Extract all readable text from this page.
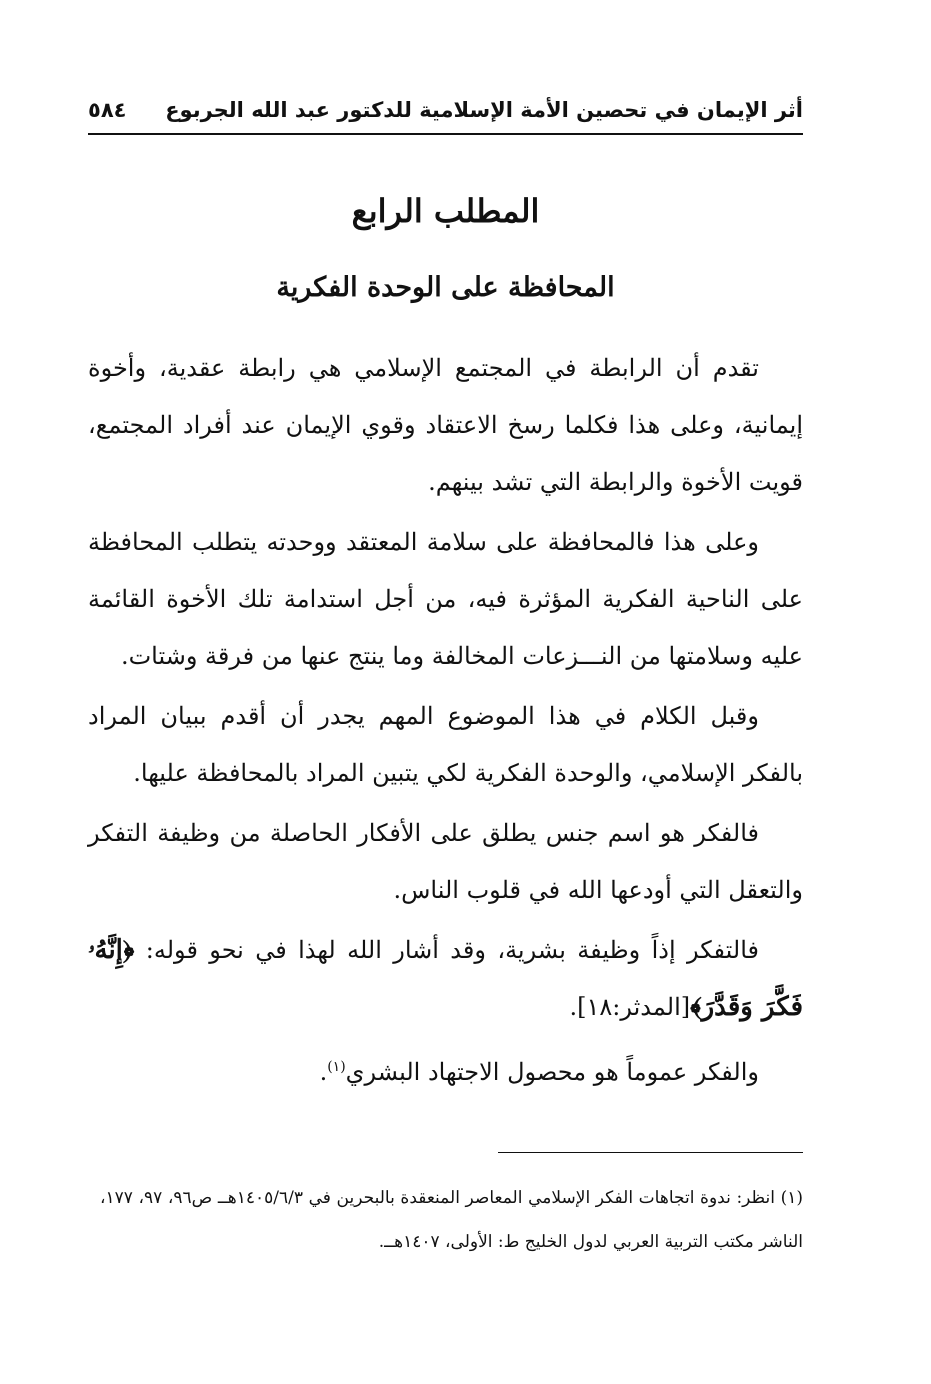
أثر الإيمان في تحصين الأمة الإسلامية للدكتور عبد الله الجربوع
٥٨٤
المطلب الرابع
المحافظة على الوحدة الفكرية

تقدم أن الرابطة في المجتمع الإسلامي هي رابطة عقدية، وأخوة إيمانية، وعلى هذا فكلما رسخ الاعتقاد وقوي الإيمان عند أفراد المجتمع، قويت الأخوة والرابطة التي تشد بينهم.

وعلى هذا فالمحافظة على سلامة المعتقد ووحدته يتطلب المحافظة على الناحية الفكرية المؤثرة فيه، من أجل استدامة تلك الأخوة القائمة عليه وسلامتها من النـــزعات المخالفة وما ينتج عنها من فرقة وشتات.

وقبل الكلام في هذا الموضوع المهم يجدر أن أقدم ببيان المراد بالفكر الإسلامي، والوحدة الفكرية لكي يتبين المراد بالمحافظة عليها.

فالفكر هو اسم جنس يطلق على الأفكار الحاصلة من وظيفة التفكر والتعقل التي أودعها الله في قلوب الناس.

فالتفكر إذاً وظيفة بشرية، وقد أشار الله لهذا في نحو قوله: ﴿إِنَّهُۥ فَكَّرَ وَقَدَّرَ﴾[المدثر:١٨].

والفكر عموماً هو محصول الاجتهاد البشري$^{(١)}$.

(١) انظر: ندوة اتجاهات الفكر الإسلامي المعاصر المنعقدة بالبحرين في ١٤٠٥/٦/٣هــ ص٩٦، ٩٧، ١٧٧، الناشر مكتب التربية العربي لدول الخليج ط: الأولى، ١٤٠٧هــ.
